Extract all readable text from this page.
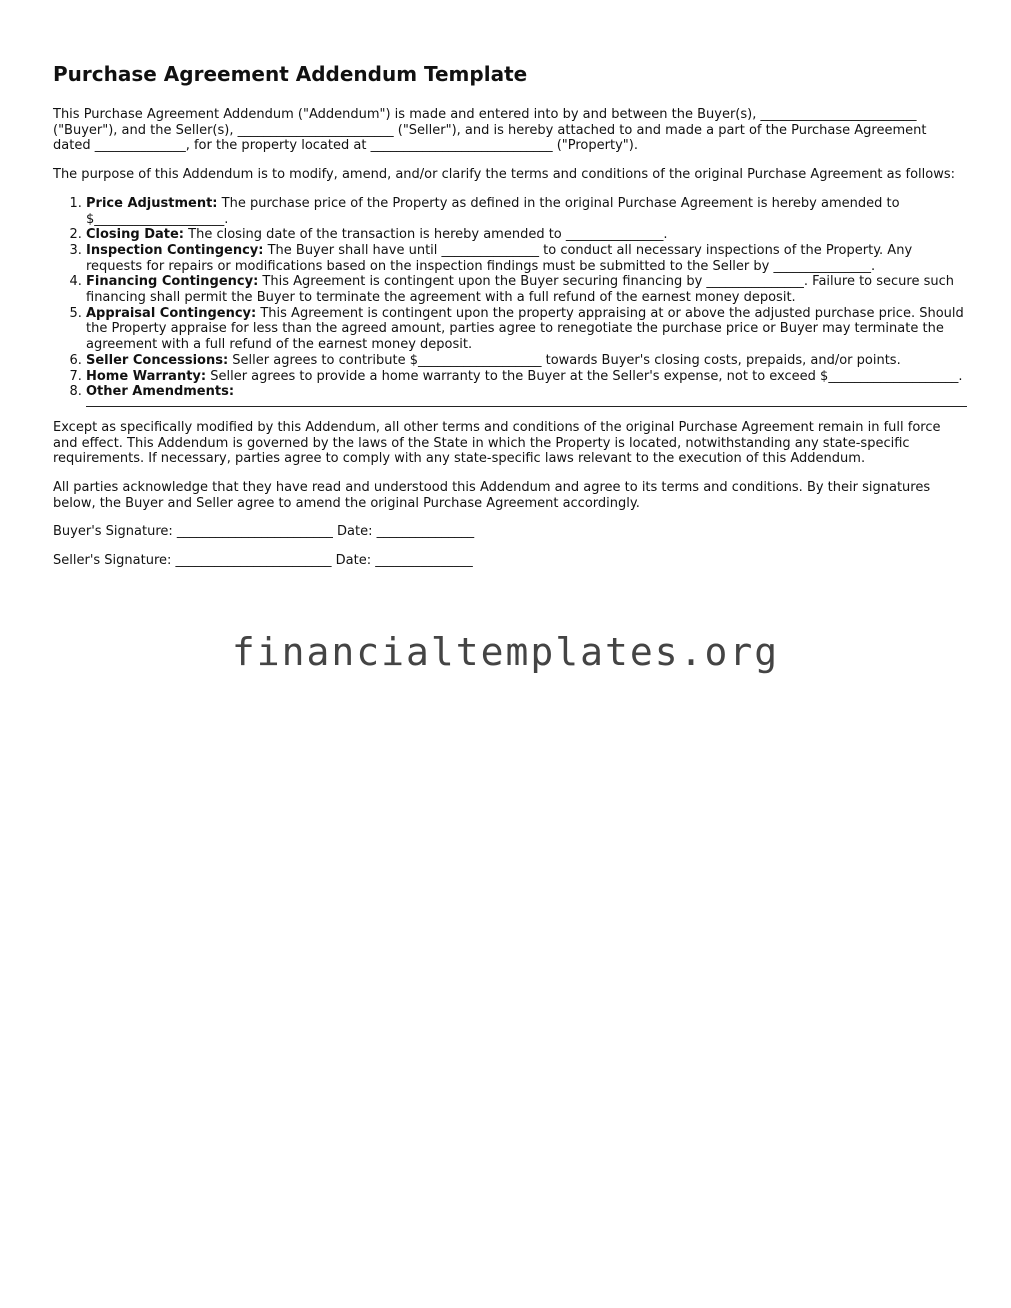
Purchase Agreement Addendum Template

This Purchase Agreement Addendum ("Addendum") is made and entered into by and between the Buyer(s), ________________________ ("Buyer"), and the Seller(s), ________________________ ("Seller"), and is hereby attached to and made a part of the Purchase Agreement dated ______________, for the property located at ____________________________ ("Property").

The purpose of this Addendum is to modify, amend, and/or clarify the terms and conditions of the original Purchase Agreement as follows:

1. Price Adjustment: The purchase price of the Property as defined in the original Purchase Agreement is hereby amended to $____________________.
2. Closing Date: The closing date of the transaction is hereby amended to _______________.
3. Inspection Contingency: The Buyer shall have until _______________ to conduct all necessary inspections of the Property. Any requests for repairs or modifications based on the inspection findings must be submitted to the Seller by _______________.
4. Financing Contingency: This Agreement is contingent upon the Buyer securing financing by _______________. Failure to secure such financing shall permit the Buyer to terminate the agreement with a full refund of the earnest money deposit.
5. Appraisal Contingency: This Agreement is contingent upon the property appraising at or above the adjusted purchase price. Should the Property appraise for less than the agreed amount, parties agree to renegotiate the purchase price or Buyer may terminate the agreement with a full refund of the earnest money deposit.
6. Seller Concessions: Seller agrees to contribute $___________________ towards Buyer's closing costs, prepaids, and/or points.
7. Home Warranty: Seller agrees to provide a home warranty to the Buyer at the Seller's expense, not to exceed $____________________.
8. Other Amendments:

Except as specifically modified by this Addendum, all other terms and conditions of the original Purchase Agreement remain in full force and effect. This Addendum is governed by the laws of the State in which the Property is located, notwithstanding any state-specific requirements. If necessary, parties agree to comply with any state-specific laws relevant to the execution of this Addendum.

All parties acknowledge that they have read and understood this Addendum and agree to its terms and conditions. By their signatures below, the Buyer and Seller agree to amend the original Purchase Agreement accordingly.

Buyer's Signature: ________________________ Date: _______________

Seller's Signature: ________________________ Date: _______________

financialtemplates.org
